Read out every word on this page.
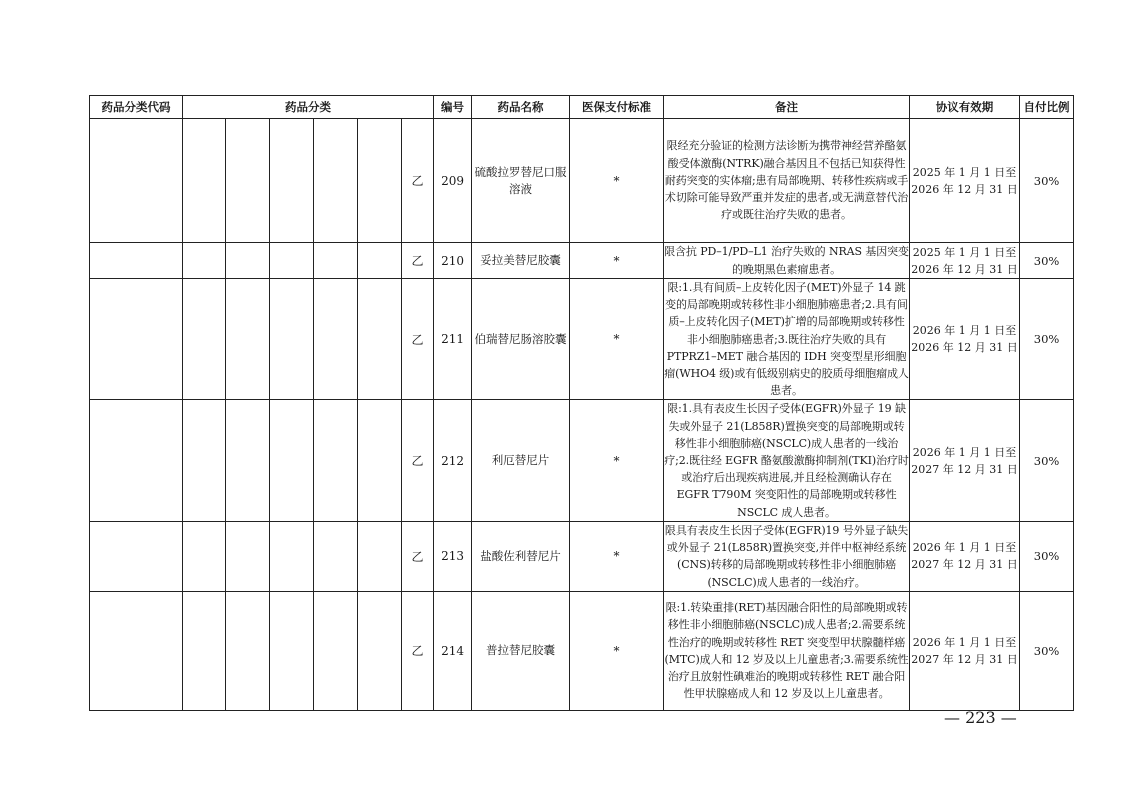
药品分类代码	药品分类						编号	药品名称	医保支付标准	备注	协议有效期	自付比例
						乙	209	硫酸拉罗替尼口服溶液	*	限经充分验证的检测方法诊断为携带神经营养酪氨酸受体激酶(NTRK)融合基因且不包括已知获得性耐药突变的实体瘤;患有局部晚期、转移性疾病或手术切除可能导致严重并发症的患者,或无满意替代治疗或既往治疗失败的患者。	2025 年 1 月 1 日至 2026 年 12 月 31 日	30%
						乙	210	妥拉美替尼胶囊	*	限含抗 PD–1/PD–L1 治疗失败的 NRAS 基因突变的晚期黑色素瘤患者。	2025 年 1 月 1 日至 2026 年 12 月 31 日	30%
						乙	211	伯瑞替尼肠溶胶囊	*	限:1.具有间质–上皮转化因子(MET)外显子 14 跳变的局部晚期或转移性非小细胞肺癌患者;2.具有间质–上皮转化因子(MET)扩增的局部晚期或转移性非小细胞肺癌患者;3.既往治疗失败的具有 PTPRZ1–MET 融合基因的 IDH 突变型星形细胞瘤(WHO4 级)或有低级别病史的胶质母细胞瘤成人患者。	2026 年 1 月 1 日至 2026 年 12 月 31 日	30%
						乙	212	利厄替尼片	*	限:1.具有表皮生长因子受体(EGFR)外显子 19 缺失或外显子 21(L858R)置换突变的局部晚期或转移性非小细胞肺癌(NSCLC)成人患者的一线治疗;2.既往经 EGFR 酪氨酸激酶抑制剂(TKI)治疗时或治疗后出现疾病进展,并且经检测确认存在 EGFR T790M 突变阳性的局部晚期或转移性 NSCLC 成人患者。	2026 年 1 月 1 日至 2027 年 12 月 31 日	30%
						乙	213	盐酸佐利替尼片	*	限具有表皮生长因子受体(EGFR)19 号外显子缺失或外显子 21(L858R)置换突变,并伴中枢神经系统(CNS)转移的局部晚期或转移性非小细胞肺癌(NSCLC)成人患者的一线治疗。	2026 年 1 月 1 日至 2027 年 12 月 31 日	30%
						乙	214	普拉替尼胶囊	*	限:1.转染重排(RET)基因融合阳性的局部晚期或转移性非小细胞肺癌(NSCLC)成人患者;2.需要系统性治疗的晚期或转移性 RET 突变型甲状腺髓样癌(MTC)成人和 12 岁及以上儿童患者;3.需要系统性治疗且放射性碘难治的晚期或转移性 RET 融合阳性甲状腺癌成人和 12 岁及以上儿童患者。	2026 年 1 月 1 日至 2027 年 12 月 31 日	30%
— 223 —
